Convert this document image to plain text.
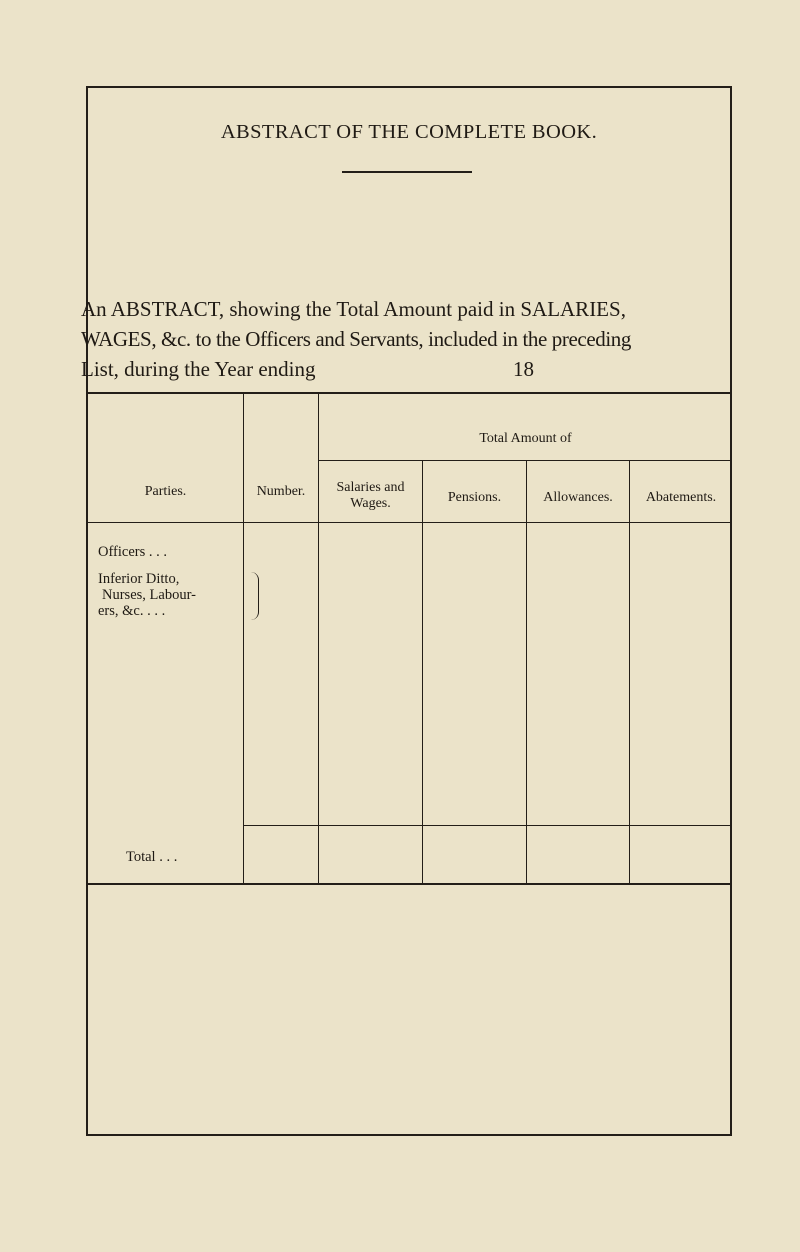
ABSTRACT OF THE COMPLETE BOOK.
An ABSTRACT, showing the Total Amount paid in SALARIES,
WAGES, &c. to the Officers and Servants, included in the preceding
List, during the Year ending	18
Parties.	Number.
Total Amount of
Salaries and
Wages.	Pensions.	Allowances.	Abatements.
Officers . . .
Inferior Ditto,
Nurses, Labour-
ers, &c. . . .
Total . . .
